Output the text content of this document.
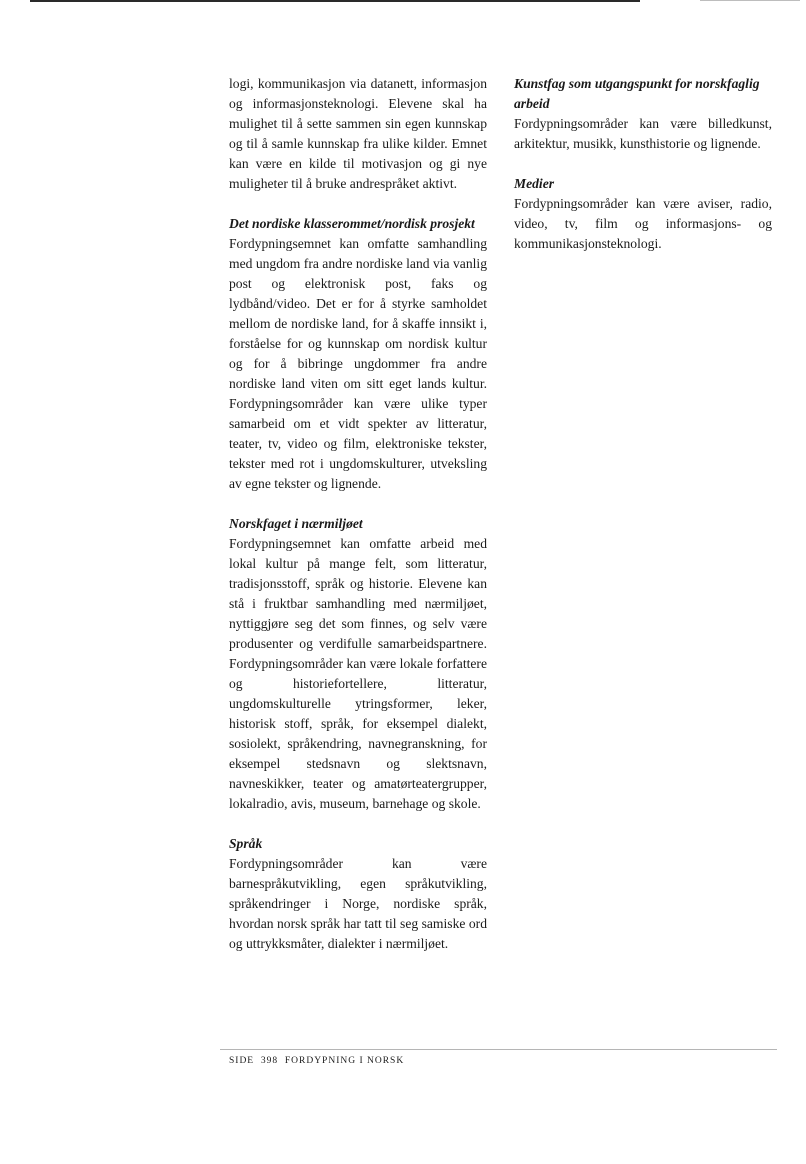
logi, kommunikasjon via datanett, informasjon og informasjonsteknologi. Elevene skal ha mulighet til å sette sammen sin egen kunnskap og til å samle kunnskap fra ulike kilder. Emnet kan være en kilde til motivasjon og gi nye muligheter til å bruke andrespråket aktivt.

Det nordiske klasserommet/nordisk prosjekt

Fordypningsemnet kan omfatte samhandling med ungdom fra andre nordiske land via vanlig post og elektronisk post, faks og lydbånd/video. Det er for å styrke samholdet mellom de nordiske land, for å skaffe innsikt i, forståelse for og kunnskap om nordisk kultur og for å bibringe ungdommer fra andre nordiske land viten om sitt eget lands kultur. Fordypningsområder kan være ulike typer samarbeid om et vidt spekter av litteratur, teater, tv, video og film, elektroniske tekster, tekster med rot i ungdomskulturer, utveksling av egne tekster og lignende.

Norskfaget i nærmiljøet

Fordypningsemnet kan omfatte arbeid med lokal kultur på mange felt, som litteratur, tradisjonsstoff, språk og historie. Elevene kan stå i fruktbar samhandling med nærmiljøet, nyttiggjøre seg det som finnes, og selv være produsenter og verdifulle samarbeidspartnere. Fordypningsområder kan være lokale forfattere og historiefortellere, litteratur, ungdomskulturelle ytringsformer, leker, historisk stoff, språk, for eksempel dialekt, sosiolekt, språkendring, navnegranskning, for eksempel stedsnavn og slektsnavn, navneskikker, teater og amatørteatergrupper, lokalradio, avis, museum, barnehage og skole.

Språk

Fordypningsområder kan være barnespråkutvikling, egen språkutvikling, språkendringer i Norge, nordiske språk, hvordan norsk språk har tatt til seg samiske ord og uttrykksmåter, dialekter i nærmiljøet.

Kunstfag som utgangspunkt for norskfaglig arbeid

Fordypningsområder kan være billedkunst, arkitektur, musikk, kunsthistorie og lignende.

Medier

Fordypningsområder kan være aviser, radio, video, tv, film og informasjons- og kommunikasjonsteknologi.

SIDE  398  FORDYPNING I NORSK
